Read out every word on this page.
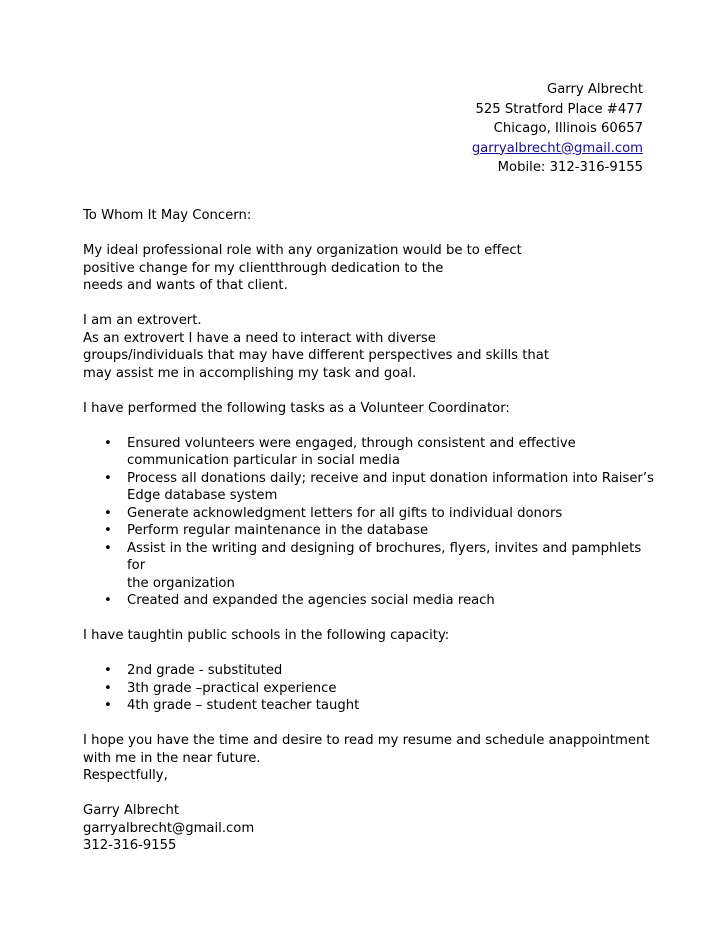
Garry Albrecht
525 Stratford Place #477
Chicago, Illinois 60657
garryalbrecht@gmail.com
Mobile: 312-316-9155

To Whom It May Concern:

My ideal professional role with any organization would be to effect
positive change for my clientthrough dedication to the
needs and wants of that client.
I am an extrovert.
As an extrovert I have a need to interact with diverse
groups/individuals that may have different perspectives and skills that
may assist me in accomplishing my task and goal.
I have performed the following tasks as a Volunteer Coordinator:
• Ensured volunteers were engaged, through consistent and effective
communication particular in social media
• Process all donations daily; receive and input donation information into Raiser’s
Edge database system
• Generate acknowledgment letters for all gifts to individual donors
• Perform regular maintenance in the database
• Assist in the writing and designing of brochures, flyers, invites and pamphlets for
the organization
• Created and expanded the agencies social media reach
I have taughtin public schools in the following capacity:
• 2nd grade - substituted
• 3th grade –practical experience
• 4th grade – student teacher taught
I hope you have the time and desire to read my resume and schedule anappointment
with me in the near future.
Respectfully,
Garry Albrecht
garryalbrecht@gmail.com
312-316-9155
